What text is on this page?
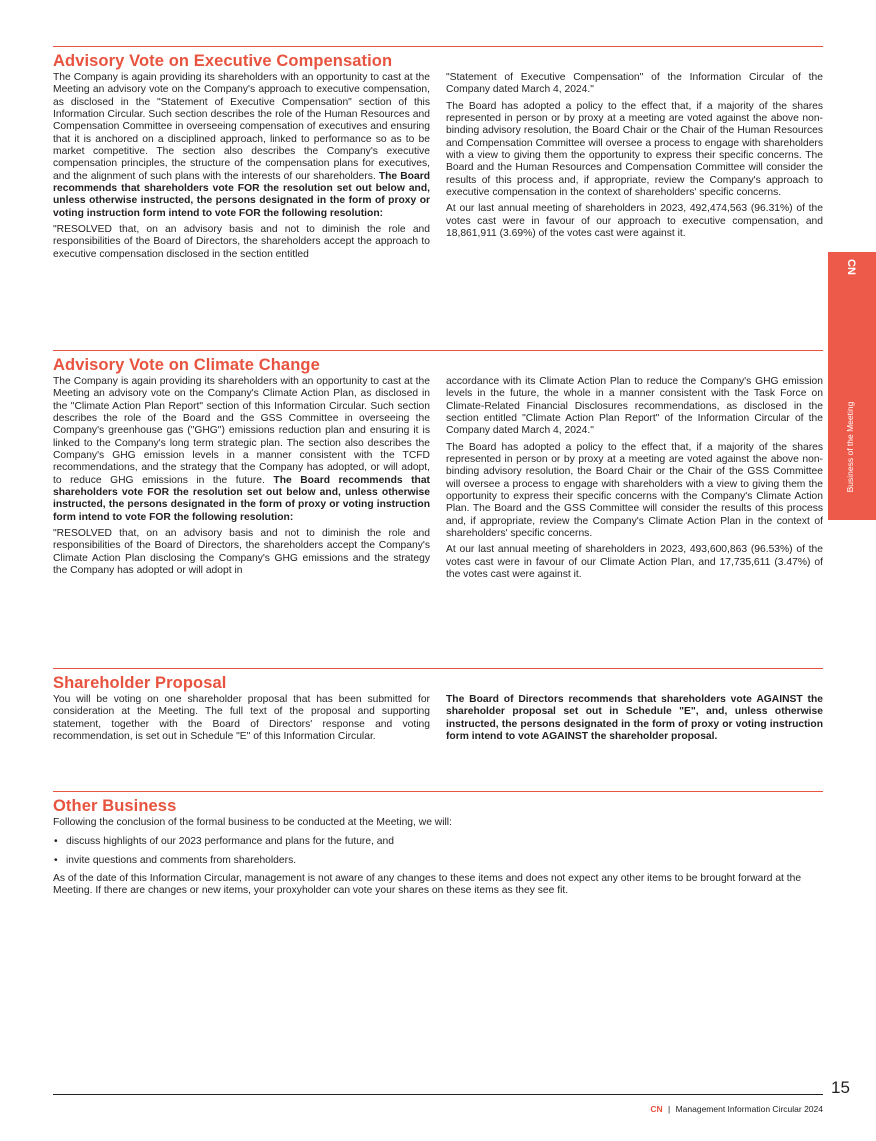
Advisory Vote on Executive Compensation

The Company is again providing its shareholders with an opportunity to cast at the Meeting an advisory vote on the Company's approach to executive compensation, as disclosed in the "Statement of Executive Compensation" section of this Information Circular. Such section describes the role of the Human Resources and Compensation Committee in overseeing compensation of executives and ensuring that it is anchored on a disciplined approach, linked to performance so as to be market competitive. The section also describes the Company's executive compensation principles, the structure of the compensation plans for executives, and the alignment of such plans with the interests of our shareholders. The Board recommends that shareholders vote FOR the resolution set out below and, unless otherwise instructed, the persons designated in the form of proxy or voting instruction form intend to vote FOR the following resolution:

"RESOLVED that, on an advisory basis and not to diminish the role and responsibilities of the Board of Directors, the shareholders accept the approach to executive compensation disclosed in the section entitled

"Statement of Executive Compensation" of the Information Circular of the Company dated March 4, 2024."

The Board has adopted a policy to the effect that, if a majority of the shares represented in person or by proxy at a meeting are voted against the above non-binding advisory resolution, the Board Chair or the Chair of the Human Resources and Compensation Committee will oversee a process to engage with shareholders with a view to giving them the opportunity to express their specific concerns. The Board and the Human Resources and Compensation Committee will consider the results of this process and, if appropriate, review the Company's approach to executive compensation in the context of shareholders' specific concerns.

At our last annual meeting of shareholders in 2023, 492,474,563 (96.31%) of the votes cast were in favour of our approach to executive compensation, and 18,861,911 (3.69%) of the votes cast were against it.

Advisory Vote on Climate Change

The Company is again providing its shareholders with an opportunity to cast at the Meeting an advisory vote on the Company's Climate Action Plan, as disclosed in the "Climate Action Plan Report" section of this Information Circular. Such section describes the role of the Board and the GSS Committee in overseeing the Company's greenhouse gas ("GHG") emissions reduction plan and ensuring it is linked to the Company's long term strategic plan. The section also describes the Company's GHG emission levels in a manner consistent with the TCFD recommendations, and the strategy that the Company has adopted, or will adopt, to reduce GHG emissions in the future. The Board recommends that shareholders vote FOR the resolution set out below and, unless otherwise instructed, the persons designated in the form of proxy or voting instruction form intend to vote FOR the following resolution:

"RESOLVED that, on an advisory basis and not to diminish the role and responsibilities of the Board of Directors, the shareholders accept the Company's Climate Action Plan disclosing the Company's GHG emissions and the strategy the Company has adopted or will adopt in

accordance with its Climate Action Plan to reduce the Company's GHG emission levels in the future, the whole in a manner consistent with the Task Force on Climate-Related Financial Disclosures recommendations, as disclosed in the section entitled "Climate Action Plan Report" of the Information Circular of the Company dated March 4, 2024."

The Board has adopted a policy to the effect that, if a majority of the shares represented in person or by proxy at a meeting are voted against the above non-binding advisory resolution, the Board Chair or the Chair of the GSS Committee will oversee a process to engage with shareholders with a view to giving them the opportunity to express their specific concerns with the Company's Climate Action Plan. The Board and the GSS Committee will consider the results of this process and, if appropriate, review the Company's Climate Action Plan in the context of shareholders' specific concerns.

At our last annual meeting of shareholders in 2023, 493,600,863 (96.53%) of the votes cast were in favour of our Climate Action Plan, and 17,735,611 (3.47%) of the votes cast were against it.

Shareholder Proposal

You will be voting on one shareholder proposal that has been submitted for consideration at the Meeting. The full text of the proposal and supporting statement, together with the Board of Directors' response and voting recommendation, is set out in Schedule "E" of this Information Circular.

The Board of Directors recommends that shareholders vote AGAINST the shareholder proposal set out in Schedule "E", and, unless otherwise instructed, the persons designated in the form of proxy or voting instruction form intend to vote AGAINST the shareholder proposal.

Other Business

Following the conclusion of the formal business to be conducted at the Meeting, we will:

• discuss highlights of our 2023 performance and plans for the future, and
• invite questions and comments from shareholders.

As of the date of this Information Circular, management is not aware of any changes to these items and does not expect any other items to be brought forward at the Meeting. If there are changes or new items, your proxyholder can vote your shares on these items as they see fit.

CN
Business of the Meeting
15
CN | Management Information Circular 2024
